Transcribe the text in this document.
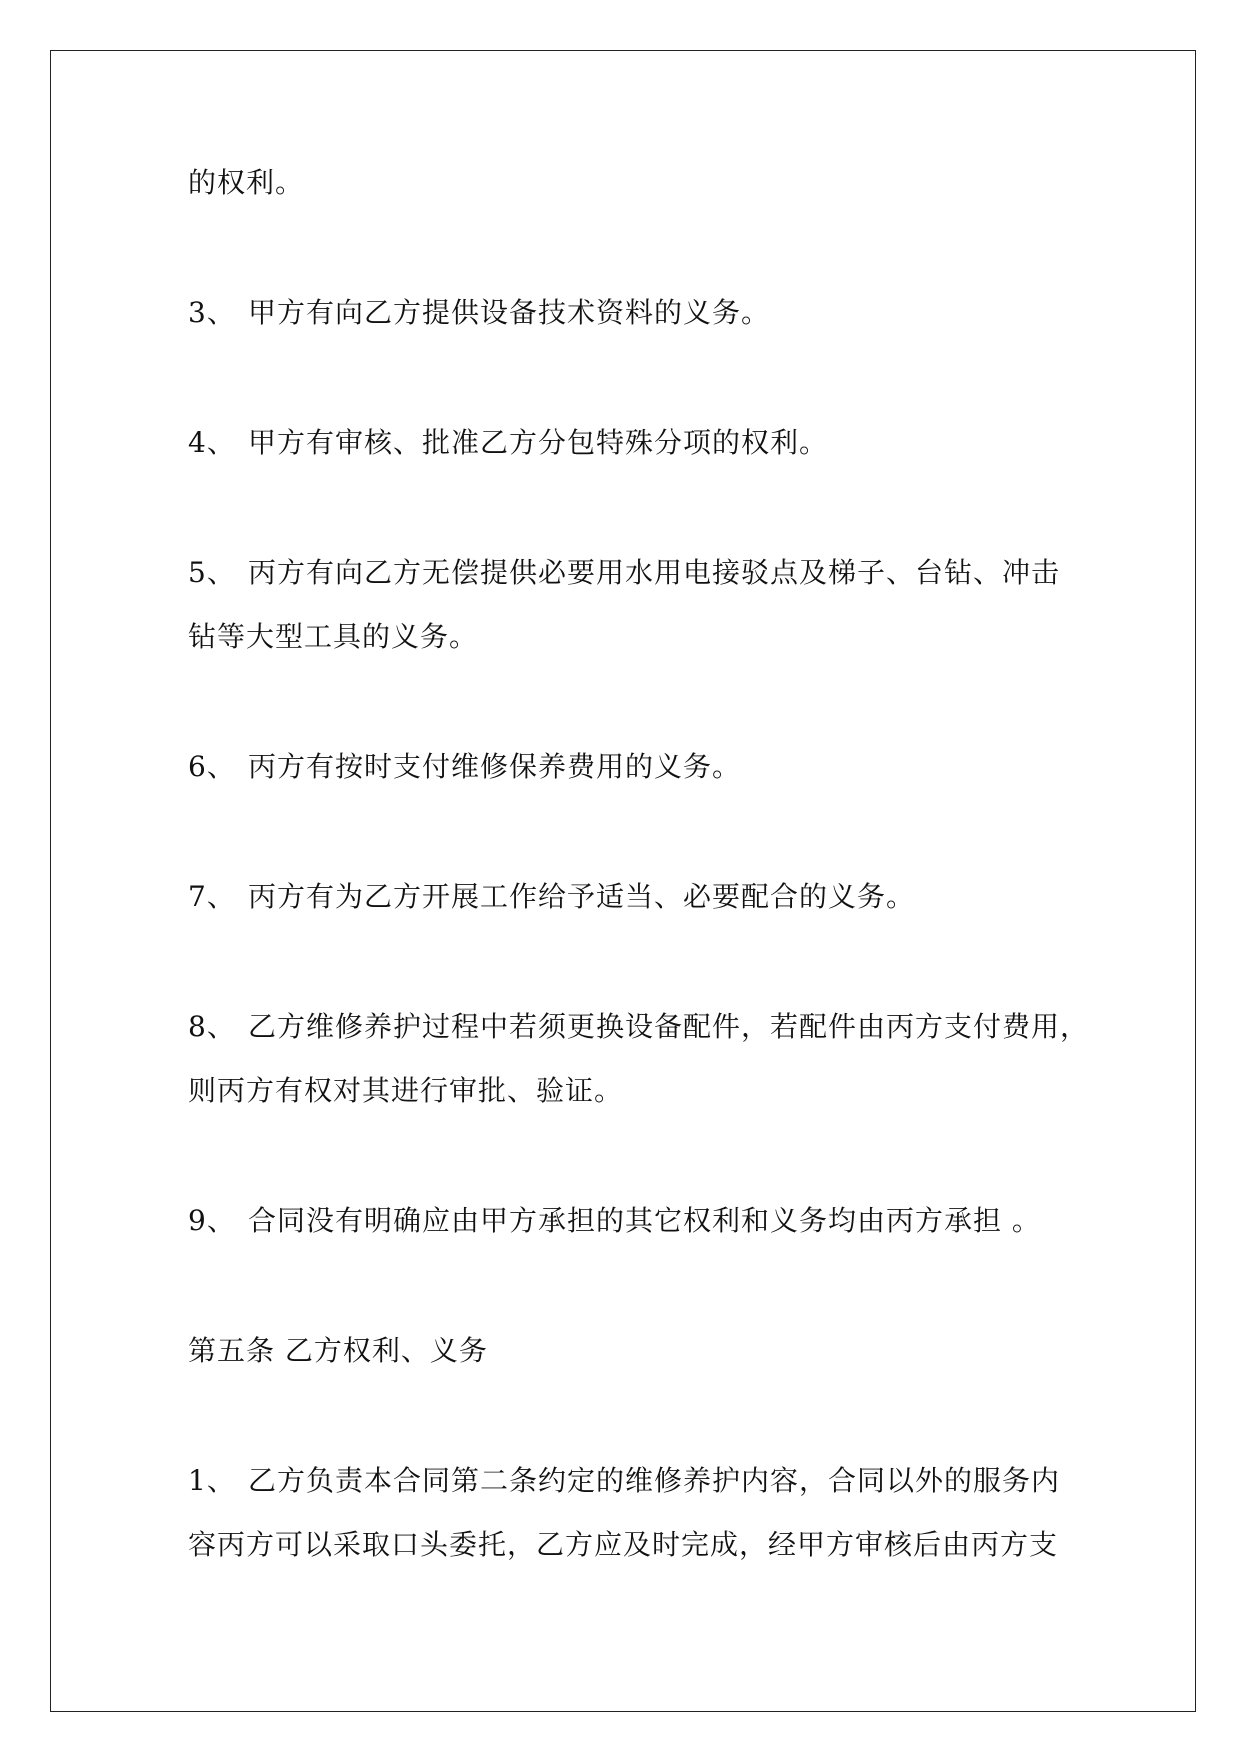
的权利。

3、 甲方有向乙方提供设备技术资料的义务。

4、 甲方有审核、批准乙方分包特殊分项的权利。

5、 丙方有向乙方无偿提供必要用水用电接驳点及梯子、台钻、冲击

钻等大型工具的义务。

6、 丙方有按时支付维修保养费用的义务。

7、 丙方有为乙方开展工作给予适当、必要配合的义务。

8、 乙方维修养护过程中若须更换设备配件，若配件由丙方支付费用，

则丙方有权对其进行审批、验证。

9、 合同没有明确应由甲方承担的其它权利和义务均由丙方承担 。

第五条 乙方权利、义务

1、 乙方负责本合同第二条约定的维修养护内容，合同以外的服务内

容丙方可以采取口头委托，乙方应及时完成，经甲方审核后由丙方支
